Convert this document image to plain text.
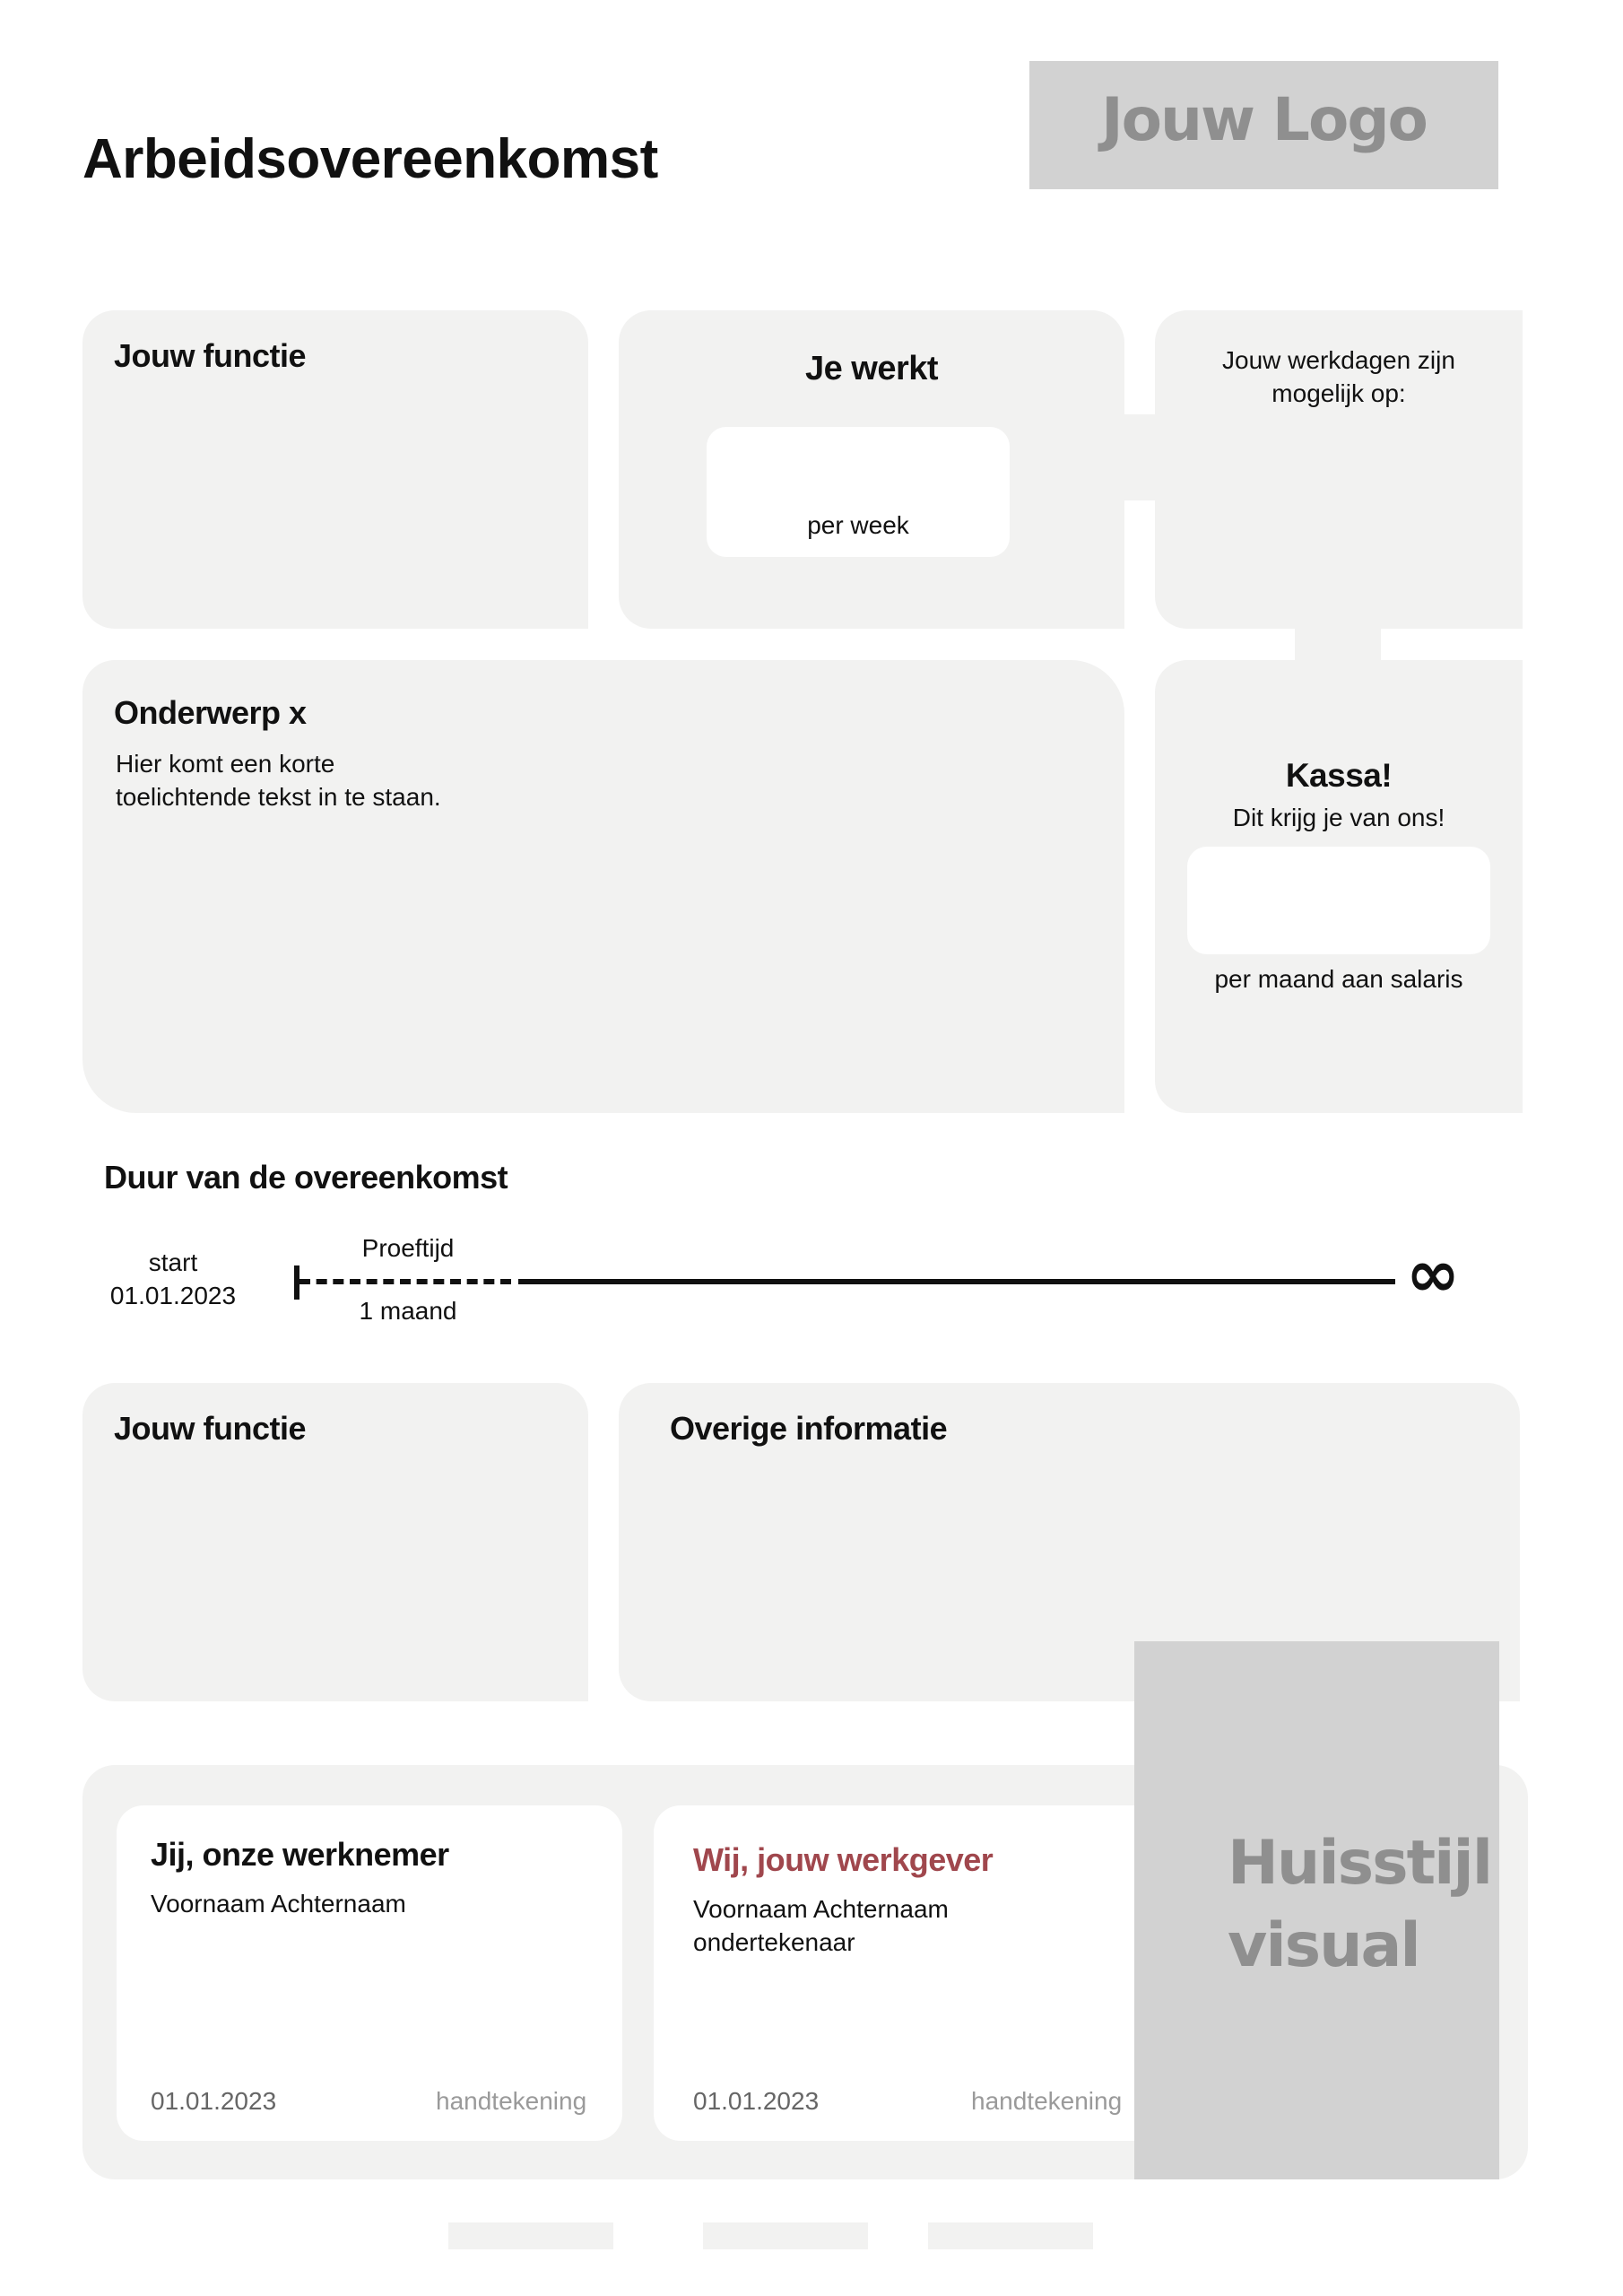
Arbeidsovereenkomst
Jouw Logo
Jouw functie	Je werkt
per week
Jouw werkdagen zijn
mogelijk op:
Onderwerp x
Hier komt een korte
toelichtende tekst in te staan.
Kassa!
Dit krijg je van ons!
per maand aan salaris
Duur van de overeenkomst
start
01.01.2023
Proeftijd
1 maand	∞
Jouw functie	Overige informatie
Jij, onze werknemer
Voornaam Achternaam
01.01.2023	handtekening
Wij, jouw werkgever
Voornaam Achternaam
ondertekenaar
01.01.2023	handtekening
Huisstijl
visual
